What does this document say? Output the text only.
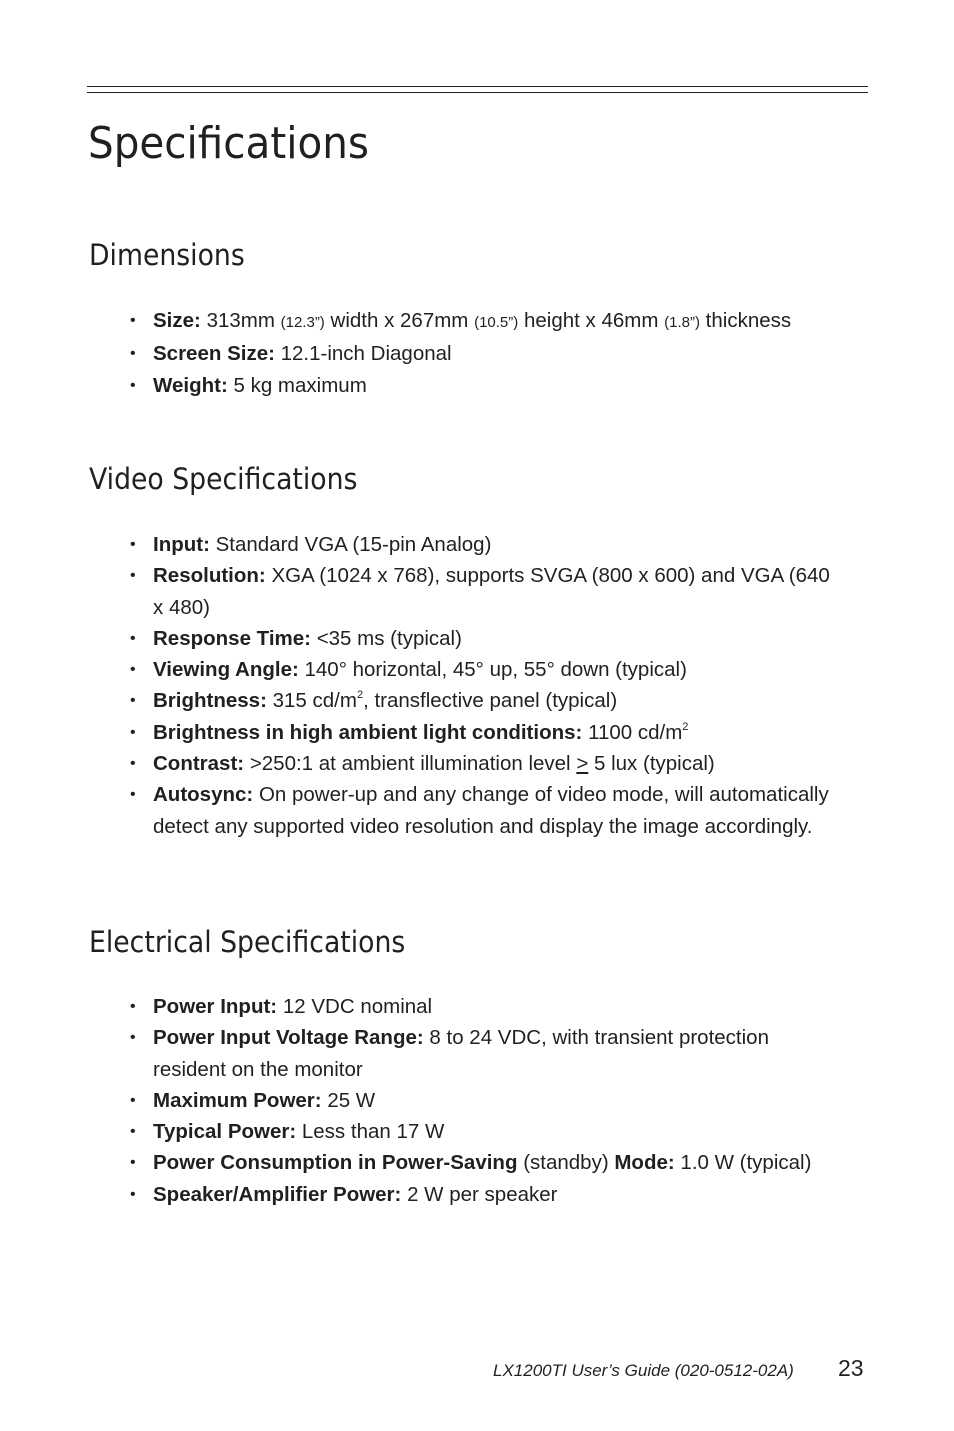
Specifications
Dimensions
• Size: 313mm (12.3”) width x 267mm (10.5”) height x 46mm (1.8”) thickness
• Screen Size: 12.1-inch Diagonal
• Weight: 5 kg maximum
Video Specifications
• Input: Standard VGA (15-pin Analog)
• Resolution: XGA (1024 x 768), supports SVGA (800 x 600) and VGA (640 x 480)
• Response Time: <35 ms (typical)
• Viewing Angle: 140° horizontal, 45° up, 55° down (typical)
• Brightness: 315 $cd/m^2$, transflective panel (typical)
• Brightness in high ambient light conditions: 1100 $cd/m^2$
• Contrast: >250:1 at ambient illumination level ≥ 5 lux (typical)
• Autosync: On power-up and any change of video mode, will automatically detect any supported video resolution and display the image accordingly.
Electrical Specifications
• Power Input: 12 VDC nominal
• Power Input Voltage Range: 8 to 24 VDC, with transient protection resident on the monitor
• Maximum Power: 25 W
• Typical Power: Less than 17 W
• Power Consumption in Power-Saving (standby) Mode: 1.0 W (typical)
• Speaker/Amplifier Power: 2 W per speaker
LX1200TI User’s Guide (020-0512-02A) 23
